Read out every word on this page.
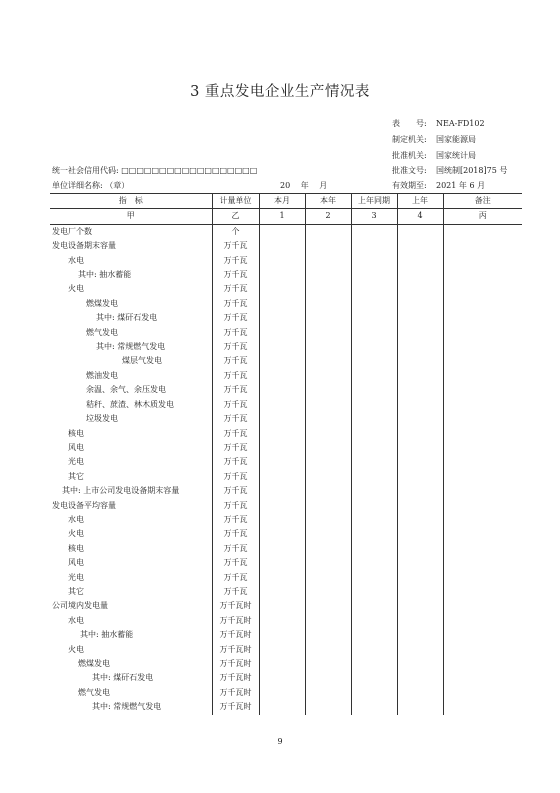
3 重点发电企业生产情况表
表　　号: NEA-FD102
制定机关: 国家能源局
批准机关: 国家统计局
批准文号: 国统制[2018]75 号
有效期至: 2021 年 6 月
统一社会信用代码: □□□□□□□□□□□□□□□□□□
单位详细名称: （章）	20　 年　 月
指　标	计量单位	本月	本年	上年同期	上年	备注
甲	乙	1	2	3	4	丙
发电厂个数	个					
发电设备期末容量	万千瓦					
水电	万千瓦					
其中: 抽水蓄能	万千瓦					
火电	万千瓦					
燃煤发电	万千瓦					
其中: 煤矸石发电	万千瓦					
燃气发电	万千瓦					
其中: 常规燃气发电	万千瓦					
煤层气发电	万千瓦					
燃油发电	万千瓦					
余温、余气、余压发电	万千瓦					
秸秆、蔗渣、林木质发电	万千瓦					
垃圾发电	万千瓦					
核电	万千瓦					
风电	万千瓦					
光电	万千瓦					
其它	万千瓦					
其中: 上市公司发电设备期末容量	万千瓦					
发电设备平均容量	万千瓦					
水电	万千瓦					
火电	万千瓦					
核电	万千瓦					
风电	万千瓦					
光电	万千瓦					
其它	万千瓦					
公司境内发电量	万千瓦时					
水电	万千瓦时					
其中: 抽水蓄能	万千瓦时					
火电	万千瓦时					
燃煤发电	万千瓦时					
其中: 煤矸石发电	万千瓦时					
燃气发电	万千瓦时					
其中: 常规燃气发电	万千瓦时					
9
